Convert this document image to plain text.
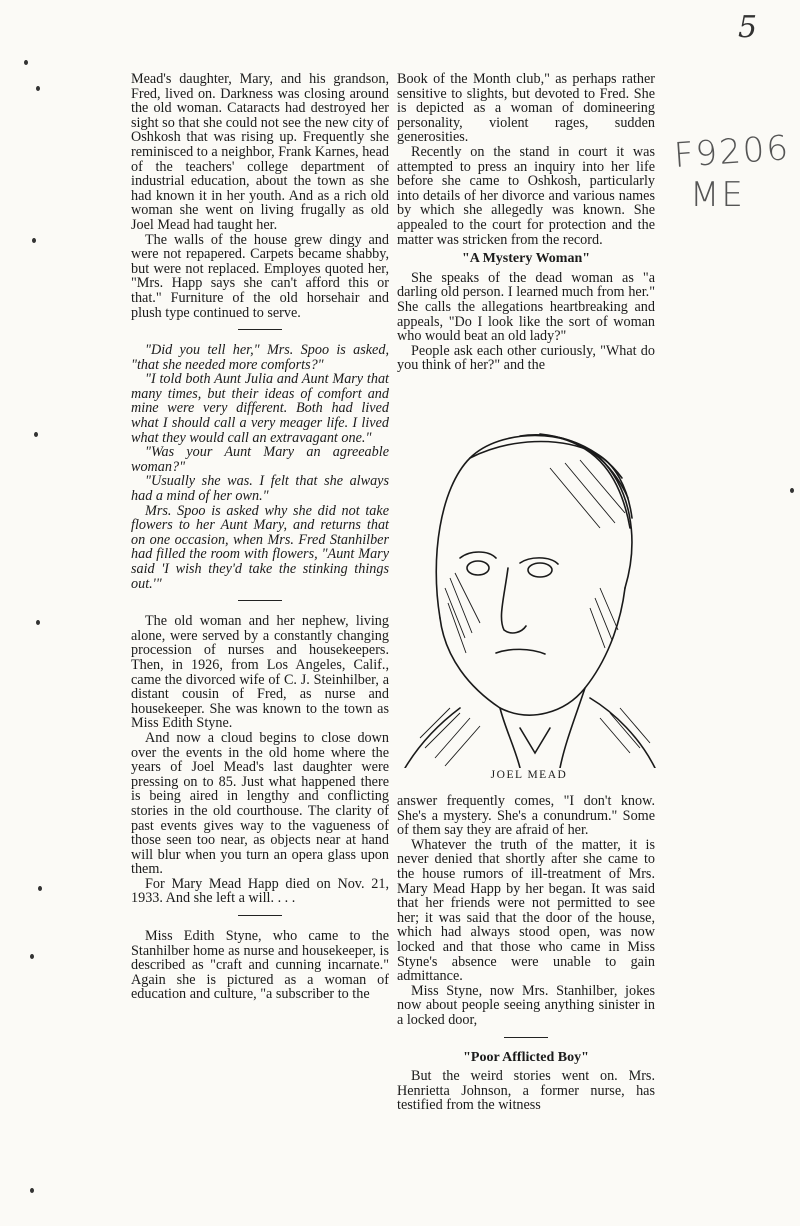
5
F9206
ME

Mead's daughter, Mary, and his grandson, Fred, lived on. Darkness was closing around the old woman. Cataracts had destroyed her sight so that she could not see the new city of Oshkosh that was rising up. Frequently she reminisced to a neighbor, Frank Karnes, head of the teachers' college department of industrial education, about the town as she had known it in her youth. And as a rich old woman she went on living frugally as old Joel Mead had taught her.

The walls of the house grew dingy and were not repapered. Carpets became shabby, but were not replaced. Employes quoted her, "Mrs. Happ says she can't afford this or that." Furniture of the old horsehair and plush type continued to serve.

"Did you tell her," Mrs. Spoo is asked, "that she needed more comforts?"

"I told both Aunt Julia and Aunt Mary that many times, but their ideas of comfort and mine were very different. Both had lived what I should call a very meager life. I lived what they would call an extravagant one."

"Was your Aunt Mary an agreeable woman?"

"Usually she was. I felt that she always had a mind of her own."

Mrs. Spoo is asked why she did not take flowers to her Aunt Mary, and returns that on one occasion, when Mrs. Fred Stanhilber had filled the room with flowers, "Aunt Mary said 'I wish they'd take the stinking things out.'"

The old woman and her nephew, living alone, were served by a constantly changing procession of nurses and housekeepers. Then, in 1926, from Los Angeles, Calif., came the divorced wife of C. J. Steinhilber, a distant cousin of Fred, as nurse and housekeeper. She was known to the town as Miss Edith Styne.

And now a cloud begins to close down over the events in the old home where the years of Joel Mead's last daughter were pressing on to 85. Just what happened there is being aired in lengthy and conflicting stories in the old courthouse. The clarity of past events gives way to the vagueness of those seen too near, as objects near at hand will blur when you turn an opera glass upon them.

For Mary Mead Happ died on Nov. 21, 1933. And she left a will. . . .

Miss Edith Styne, who came to the Stanhilber home as nurse and housekeeper, is described as "craft and cunning incarnate." Again she is pictured as a woman of education and culture, "a subscriber to the

Book of the Month club," as perhaps rather sensitive to slights, but devoted to Fred. She is depicted as a woman of domineering personality, violent rages, sudden generosities.

Recently on the stand in court it was attempted to press an inquiry into her life before she came to Oshkosh, particularly into details of her divorce and various names by which she allegedly was known. She appealed to the court for protection and the matter was stricken from the record.

"A Mystery Woman"

She speaks of the dead woman as "a darling old person. I learned much from her." She calls the allegations heartbreaking and appeals, "Do I look like the sort of woman who would beat an old lady?"

People ask each other curiously, "What do you think of her?" and the

JOEL MEAD

answer frequently comes, "I don't know. She's a mystery. She's a conundrum." Some of them say they are afraid of her.

Whatever the truth of the matter, it is never denied that shortly after she came to the house rumors of ill-treatment of Mrs. Mary Mead Happ by her began. It was said that her friends were not permitted to see her; it was said that the door of the house, which had always stood open, was now locked and that those who came in Miss Styne's absence were unable to gain admittance.

Miss Styne, now Mrs. Stanhilber, jokes now about people seeing anything sinister in a locked door,

"Poor Afflicted Boy"

But the weird stories went on. Mrs. Henrietta Johnson, a former nurse, has testified from the witness
